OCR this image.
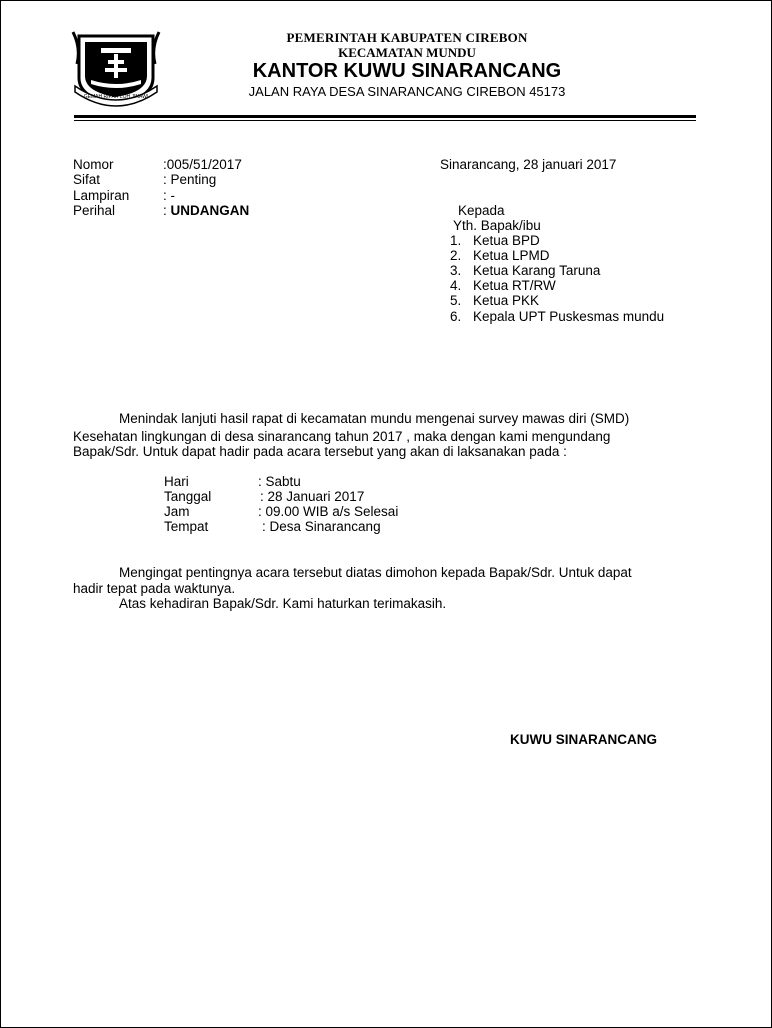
GEMAH RIPAH LOH JINAWI
PEMERINTAH KABUPATEN CIREBON
KECAMATAN MUNDU
KANTOR KUWU SINARANCANG
JALAN RAYA DESA SINARANCANG CIREBON 45173
Nomor	:005/51/2017	Sinarancang, 28 januari 2017
Sifat	: Penting
Lampiran : -
Perihal	: UNDANGAN	Kepada
Yth. Bapak/ibu
1. Ketua BPD
2. Ketua LPMD
3. Ketua Karang Taruna
4. Ketua RT/RW
5. Ketua PKK
6. Kepala UPT Puskesmas mundu
Menindak lanjuti hasil rapat di kecamatan mundu mengenai survey mawas diri (SMD)
Kesehatan lingkungan di desa sinarancang tahun 2017 , maka dengan kami mengundang
Bapak/Sdr. Untuk dapat hadir pada acara tersebut yang akan di laksanakan pada :
Hari	: Sabtu
Tanggal	: 28 Januari 2017
Jam	: 09.00 WIB a/s Selesai
Tempat	: Desa Sinarancang
Mengingat pentingnya acara tersebut diatas dimohon kepada Bapak/Sdr. Untuk dapat
hadir tepat pada waktunya.
Atas kehadiran Bapak/Sdr. Kami haturkan terimakasih.
KUWU SINARANCANG
